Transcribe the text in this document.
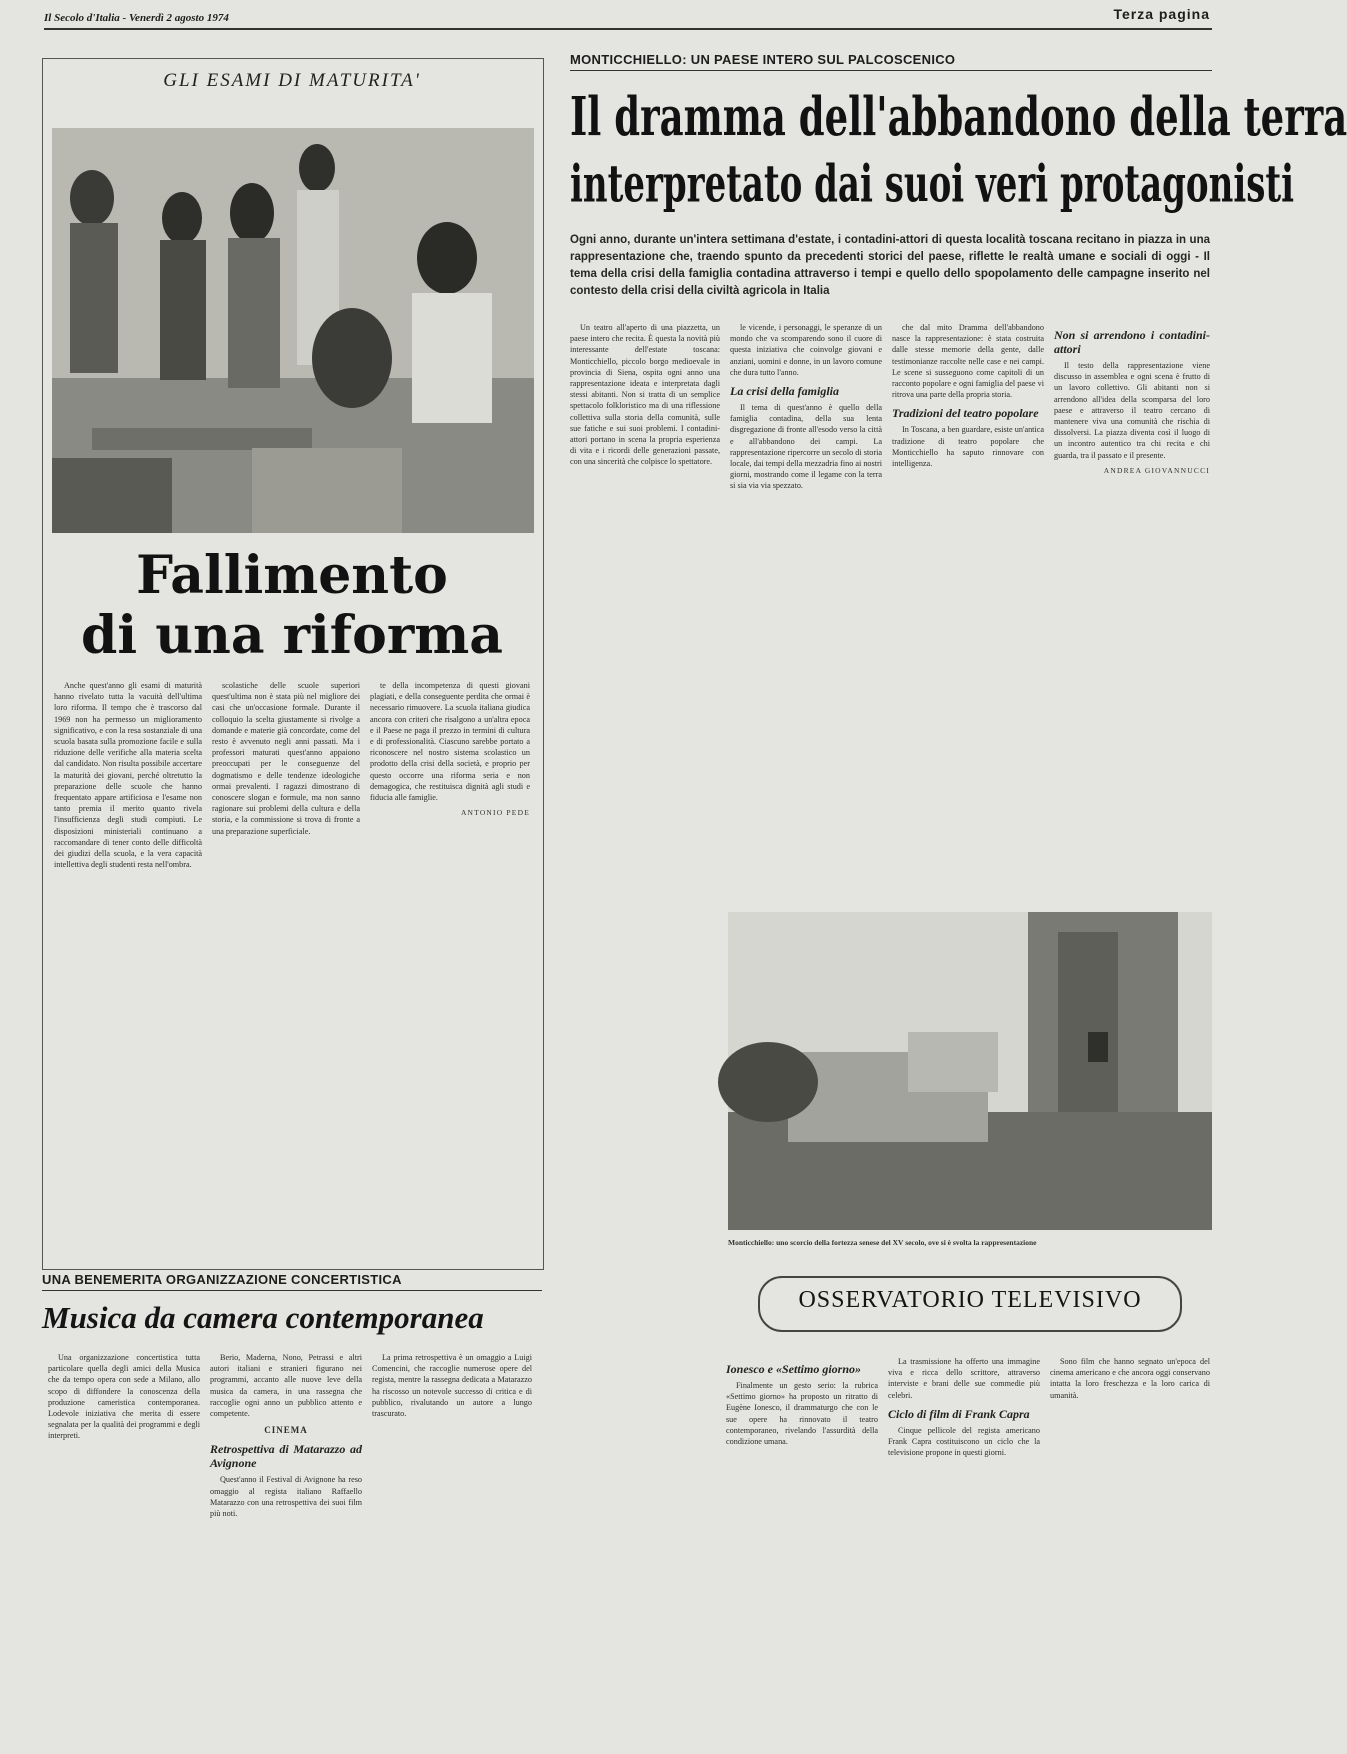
Il Secolo d'Italia - Venerdì 2 agosto 1974	Terza pagina
GLI ESAMI DI MATURITA'
Fallimento
di una riforma

Anche quest'anno gli esami di maturità hanno rivelato tutta la vacuità dell'ultima loro riforma. Il tempo che è trascorso dal 1969 non ha permesso un miglioramento significativo, e con la resa sostanziale di una scuola basata sulla promozione facile e sulla riduzione delle verifiche alla materia scelta dal candidato. Non risulta possibile accertare la maturità dei giovani, perché oltretutto la preparazione delle scuole che hanno frequentato appare artificiosa e l'esame non tanto premia il merito quanto rivela l'insufficienza degli studi compiuti. Le disposizioni ministeriali continuano a raccomandare di tener conto delle difficoltà dei giudizi della scuola, e la vera capacità intellettiva degli studenti resta nell'ombra.

scolastiche delle scuole superiori quest'ultima non è stata più nel migliore dei casi che un'occasione formale. Durante il colloquio la scelta giustamente si rivolge a domande e materie già concordate, come del resto è avvenuto negli anni passati. Ma i professori maturati quest'anno appaiono preoccupati per le conseguenze del dogmatismo e delle tendenze ideologiche ormai prevalenti. I ragazzi dimostrano di conoscere slogan e formule, ma non sanno ragionare sui problemi della cultura e della storia, e la commissione si trova di fronte a una preparazione superficiale.

te della incompetenza di questi giovani plagiati, e della conseguente perdita che ormai è necessario rimuovere. La scuola italiana giudica ancora con criteri che risalgono a un'altra epoca e il Paese ne paga il prezzo in termini di cultura e di professionalità. Ciascuno sarebbe portato a riconoscere nel nostro sistema scolastico un prodotto della crisi della società, e proprio per questo occorre una riforma seria e non demagogica, che restituisca dignità agli studi e fiducia alle famiglie.

ANTONIO PEDE
MONTICCHIELLO: UN PAESE INTERO SUL PALCOSCENICO
Il dramma dell'abbandono della terra
interpretato dai suoi veri protagonisti
Ogni anno, durante un'intera settimana d'estate, i contadini-attori di questa località toscana recitano in piazza in una rappresentazione che, traendo spunto da precedenti storici del paese, riflette le realtà umane e sociali di oggi - Il tema della crisi della famiglia contadina attraverso i tempi e quello dello spopolamento delle campagne inserito nel contesto della crisi della civiltà agricola in Italia

Un teatro all'aperto di una piazzetta, un paese intero che recita. È questa la novità più interessante dell'estate toscana: Monticchiello, piccolo borgo medioevale in provincia di Siena, ospita ogni anno una rappresentazione ideata e interpretata dagli stessi abitanti. Non si tratta di un semplice spettacolo folkloristico ma di una riflessione collettiva sulla storia della comunità, sulle sue fatiche e sui suoi problemi. I contadini-attori portano in scena la propria esperienza di vita e i ricordi delle generazioni passate, con una sincerità che colpisce lo spettatore.

le vicende, i personaggi, le speranze di un mondo che va scomparendo sono il cuore di questa iniziativa che coinvolge giovani e anziani, uomini e donne, in un lavoro comune che dura tutto l'anno.

La crisi della famiglia

Il tema di quest'anno è quello della famiglia contadina, della sua lenta disgregazione di fronte all'esodo verso la città e all'abbandono dei campi. La rappresentazione ripercorre un secolo di storia locale, dai tempi della mezzadria fino ai nostri giorni, mostrando come il legame con la terra si sia via via spezzato.

che dal mito Dramma dell'abbandono nasce la rappresentazione: è stata costruita dalle stesse memorie della gente, dalle testimonianze raccolte nelle case e nei campi. Le scene si susseguono come capitoli di un racconto popolare e ogni famiglia del paese vi ritrova una parte della propria storia.

Tradizioni del teatro popolare

In Toscana, a ben guardare, esiste un'antica tradizione di teatro popolare che Monticchiello ha saputo rinnovare con intelligenza.

Non si arrendono i contadini-attori

Il testo della rappresentazione viene discusso in assemblea e ogni scena è frutto di un lavoro collettivo. Gli abitanti non si arrendono all'idea della scomparsa del loro paese e attraverso il teatro cercano di mantenere viva una comunità che rischia di dissolversi. La piazza diventa così il luogo di un incontro autentico tra chi recita e chi guarda, tra il passato e il presente.

ANDREA GIOVANNUCCI
Monticchiello: uno scorcio della fortezza senese del XV secolo, ove si è svolta la rappresentazione
UNA BENEMERITA ORGANIZZAZIONE CONCERTISTICA
Musica da camera contemporanea

Una organizzazione concertistica tutta particolare quella degli amici della Musica che da tempo opera con sede a Milano, allo scopo di diffondere la conoscenza della produzione cameristica contemporanea. Lodevole iniziativa che merita di essere segnalata per la qualità dei programmi e degli interpreti.

Berio, Maderna, Nono, Petrassi e altri autori italiani e stranieri figurano nei programmi, accanto alle nuove leve della musica da camera, in una rassegna che raccoglie ogni anno un pubblico attento e competente.

CINEMA
Retrospettiva di Matarazzo ad Avignone

Quest'anno il Festival di Avignone ha reso omaggio al regista italiano Raffaello Matarazzo con una retrospettiva dei suoi film più noti.

La prima retrospettiva è un omaggio a Luigi Comencini, che raccoglie numerose opere del regista, mentre la rassegna dedicata a Matarazzo ha riscosso un notevole successo di critica e di pubblico, rivalutando un autore a lungo trascurato.

OSSERVATORIO TELEVISIVO
Ionesco e «Settimo giorno»

Finalmente un gesto serio: la rubrica «Settimo giorno» ha proposto un ritratto di Eugène Ionesco, il drammaturgo che con le sue opere ha rinnovato il teatro contemporaneo, rivelando l'assurdità della condizione umana.

La trasmissione ha offerto una immagine viva e ricca dello scrittore, attraverso interviste e brani delle sue commedie più celebri.

Ciclo di film di Frank Capra

Cinque pellicole del regista americano Frank Capra costituiscono un ciclo che la televisione propone in questi giorni.

Sono film che hanno segnato un'epoca del cinema americano e che ancora oggi conservano intatta la loro freschezza e la loro carica di umanità.
